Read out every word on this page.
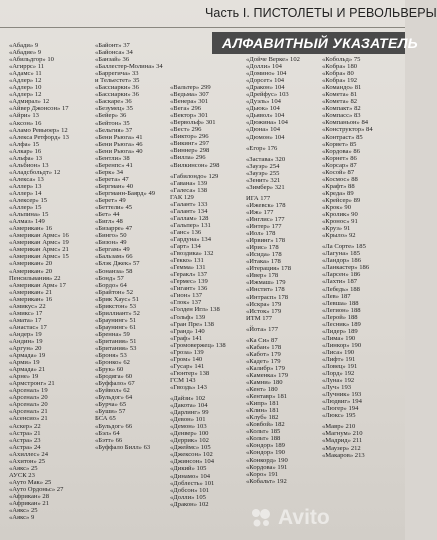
Часть I. ПИСТОЛЕТЫ И РЕВОЛЬВЕРЫ
АЛФАВИТНЫЙ УКАЗАТЕЛЬ
«Абади» 9
«Абадие» 9
«Абильдгор» 10
«Агиррс» 11
«Адамс» 11
«Адлер» 12
«Адлер» 10
«Адлер» 12
«Адмирал» 12
«Айвер Джонсон» 17
«Айри» 13
«Аксон» 16
«Аламо Ревьюер» 12
«Алекса Ретфорд» 13
«Алфа» 15
«Алкар» 16
«Альфа» 13
«Альбион» 13
«Аладсбольдт» 12
«Алекса» 13
«Аллер» 13
«Аллер» 14
«Алексер» 15
«Аллер» 15
«Альпина» 15
«Алмаз» 149
«Американ» 16
«Американ Армс» 16
«Американ Армс» 19
«Американ Армс» 21
«Американ Армс» 15
«Американ» 20
«Американ» 20
Пенсильвания» 22
«Американ Арм» 17
«Американ» 21
«Американ» 16
«Амикус» 22
«Амикс» 17
«Амата» 17
«Анастас» 17
«Андер» 19
«Андин» 19
«Аргун» 20
«Армада» 19
«Арми» 19
«Армада» 21
«Арне» 19
«Армстронг» 21
«Арсенал» 19
«Арсенал» 20
«Арсенал» 20
«Арсенал» 21
«Асенсио» 21
«Аскер» 22
«Астра» 21
«Астра» 23
«Астра» 24
«Ахиллес» 24
«Ахитон» 25
«Аякс» 25
АУСК 23
«Ауто Мак» 25
«Ауто Ордоньс» 27
«Африкан» 28
«Африкан» 21
«Аякс» 25
«Аякс» 9
«Байонт» 37
«Байонса» 34
«Банзай» 36
«Баллестер-Молина» 34
«Баррегича» 33
и Тельестет» 35
«Бассиарки» 36
«Бассиарки» 36
«Баскаре» 36
«Безумец» 35
«Бейер» 36
«Бейтон» 35
«Бельгия» 37
«Бени Рьюга» 41
«Бени Рьюга» 46
«Бени Рьюга» 40
«Бентли» 38
«Беренпс» 41
«Берк» 34
«Берета» 47
«Бергман» 40
«Бергманн-Баярд» 49
«Берет» 49
«Беттели» 45
«Бет» 44
«Бигл» 48
«Бизарре» 47
«Бинго» 50
«Бизон» 49
«Бергам» 49
«Бальзам» 66
«Блэк Джек» 57
«Бонанза» 58
«Бонд» 57
«Бордо» 64
«Брайтон» 52
«Брик Хаус» 51
«Брикстон» 53
«Бриллиант» 52
«Браунинг» 51
«Браунинг» 61
«Бренна» 59
«Британия» 51
«Британия» 53
«Броня» 53
«Бронко» 62
«Брук» 60
«Бродягa» 60
«Буффало» 67
«Буйвол» 62
«Бульдог» 64
«Бурча» 65
«Буши» 57
БСА 65
«Бульдог» 66
«Бэл» 64
«Бэтт» 66
«Буффало Билл» 63
«Вальтер» 299
«Ведьма» 307
«Венера» 301
«Вега» 296
«Вектор» 301
«Вервольф» 301
«Вест» 296
«Виктор» 296
«Викинг» 297
«Виннер» 298
«Вилла» 296
«Вилкинсон» 298
«Габилондо» 129
«Гавана» 139
«Галеса» 138
ГАК 129
«Галант» 133
«Галант» 134
«Галлам» 128
«Гальпер» 131
«Ганс» 136
«Гардуна» 134
«Гарт» 134
«Гвоздика» 132
«Гекко» 131
«Гемма» 131
«Геракл» 137
«Гермес» 139
«Гигант» 136
«Гион» 137
«Глок» 137
«Голден Игл» 138
«Гольф» 139
«Гран Пре» 138
«Гранд» 140
«Граф» 141
«Громовержец» 138
«Гроза» 139
«Гром» 140
«Гусар» 141
«Гюнтер» 138
ГСМ 143
«Гвоздь» 143
«Дайзи» 102
«Дакота» 104
«Дарлинг» 99
«Девон» 101
«Демон» 103
«Денвер» 100
«Деррик» 102
«Джеймс» 105
«Джексон» 102
«Джинсон» 104
«Дикий» 105
«Динамо» 104
«Доблесть» 101
«Добсон» 101
«Долли» 105
«Дракон» 102
«Дойче Верке» 102
«Долли» 104
«Домино» 104
«Дорсет» 104
«Дракон» 104
«Дрейфус» 103
«Дуэль» 104
«Дьюк» 104
«Дьявол» 104
«Дюжина» 104
«Дюна» 104
«Дюмон» 104
«Егор» 176
«Застава» 320
«Зауэр» 254
«Зауэр» 255
«Зенит» 321
«Зимбер» 321
ИГА 177
«Ижевск» 178
«Иж» 177
«Инглис» 177
«Интер» 177
«Иол» 178
«Ирвинг» 178
«Ирис» 178
«Исида» 178
«Итака» 178
«Итерация» 178
«Ивер» 178
«Ижмаш» 179
«Инстит» 178
«Интрасп» 178
«Искра» 179
«Исток» 179
ИТМ 177
«Йота» 177
«Ка Си» 87
«Кабан» 178
«Кабот» 179
«Кадет» 179
«Калибр» 179
«Каменка» 179
«Камни» 180
«Кент» 180
«Кентавр» 181
«Кипр» 181
«Клин» 181
«Клуб» 182
«Ковбой» 182
«Кольт» 185
«Кольт» 188
«Кондор» 189
«Кондор» 190
«Конкорд» 190
«Кордова» 191
«Коро» 191
«Кобальт» 192
«Кобольд» 75
«Кобра» 180
«Кобра» 80
«Кобра» 192
«Командо» 81
«Комета» 81
«Комета» 82
«Компакт» 82
«Компасс» 83
«Компаньон» 84
«Конструктор» 84
«Контраст» 85
«Корвет» 85
«Кордова» 86
«Корнет» 86
«Корсар» 87
«Косой» 87
«Космос» 88
«Крафт» 88
«Креда» 89
«Крейсер» 89
«Крок» 90
«Кролик» 90
«Кронос» 91
«Круз» 91
«Крыло» 92
«Ла Сорте» 185
«Лагуна» 185
«Ландор» 186
«Ланкастер» 186
«Ларсен» 186
«Лахти» 187
«Лебедь» 188
«Лев» 187
«Левша» 188
«Легион» 188
«Лерой» 188
«Лесник» 189
«Лидер» 189
«Лима» 190
«Линкор» 190
«Лиса» 190
«Лифт» 191
«Ловец» 191
«Лорд» 192
«Луна» 192
«Луч» 193
«Лучник» 193
«Людвиг» 194
«Люгер» 194
«Люкс» 195
«Мавр» 210
«Магнум» 210
«Мадрид» 211
«Маузер» 212
«Макаров» 213
Avito
